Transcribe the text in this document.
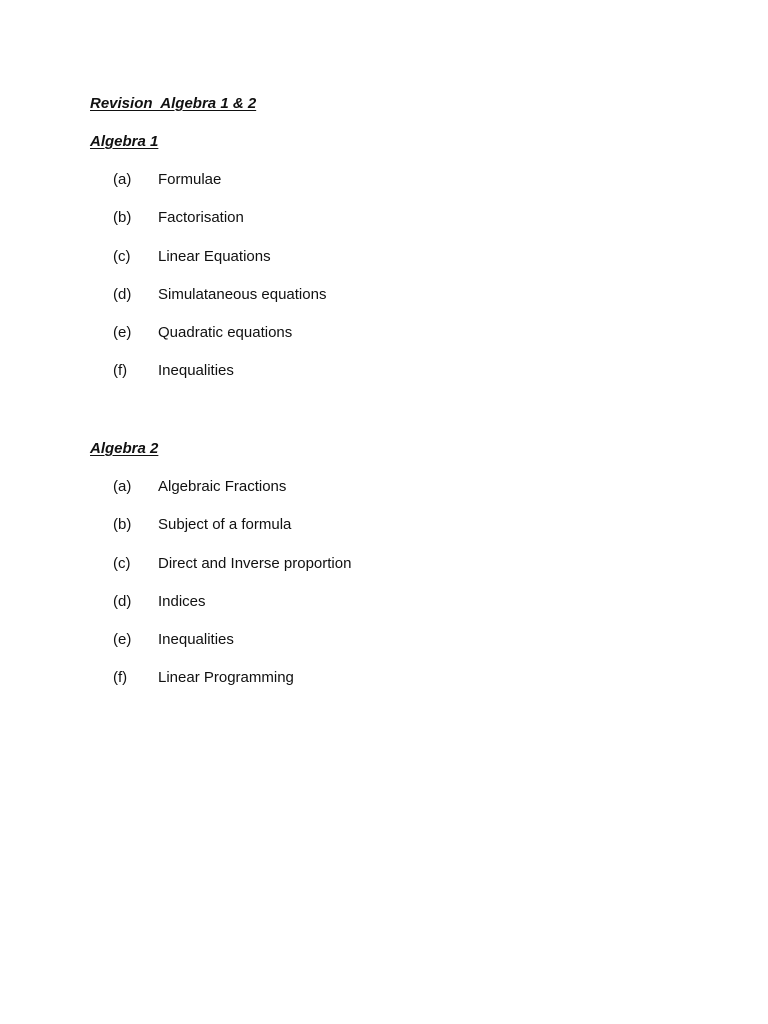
Revision  Algebra 1 & 2
Algebra 1
(a) Formulae
(b) Factorisation
(c) Linear Equations
(d) Simulataneous equations
(e) Quadratic equations
(f) Inequalities
Algebra 2
(a) Algebraic Fractions
(b) Subject of a formula
(c) Direct and Inverse proportion
(d) Indices
(e) Inequalities
(f) Linear Programming
